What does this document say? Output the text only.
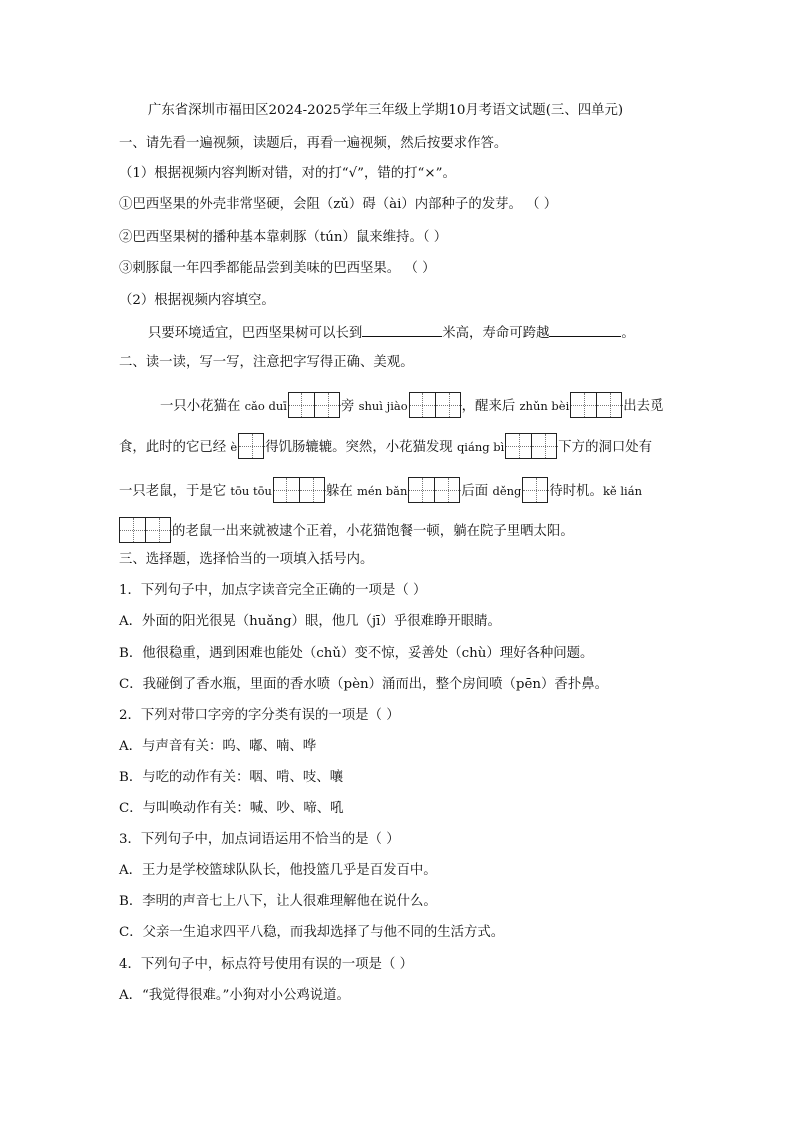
广东省深圳市福田区2024-2025学年三年级上学期10月考语文试题(三、四单元)
一、请先看一遍视频，读题后，再看一遍视频，然后按要求作答。
（1）根据视频内容判断对错，对的打“√”，错的打“×”。
①巴西坚果的外壳非常坚硬，会阻（zǔ）碍（ài）内部种子的发芽。 （ ）
②巴西坚果树的播种基本靠刺豚（tún）鼠来维持。（ ）
③刺豚鼠一年四季都能品尝到美味的巴西坚果。 （ ）
（2）根据视频内容填空。
只要环境适宜，巴西坚果树可以长到	米高，寿命可跨越	。
二、读一读，写一写，注意把字写得正确、美观。
一只小花猫在 cǎo duī	旁 shuì jiào	，醒来后 zhǔn bèi	出去觅
食，此时的它已经 è 得饥肠辘辘。突然，小花猫发现 qiáng bì	下方的洞口处有
一只老鼠，于是它 tōu tōu	躲在 mén bǎn	后面 děng 待时机。kě lián
的老鼠一出来就被逮个正着，小花猫饱餐一顿，躺在院子里晒太阳。
三、选择题，选择恰当的一项填入括号内。
1．下列句子中，加点字读音完全正确的一项是（ ）
A．外面的阳光很晃（huǎng）眼，他几（jī）乎很难睁开眼睛。
B．他很稳重，遇到困难也能处（chǔ）变不惊，妥善处（chù）理好各种问题。
C．我碰倒了香水瓶，里面的香水喷（pèn）涌而出，整个房间喷（pēn）香扑鼻。
2．下列对带口字旁的字分类有误的一项是（ ）
A．与声音有关：呜、嘟、喃、哗
B．与吃的动作有关：咽、啃、吱、嚷
C．与叫唤动作有关：喊、吵、啼、吼
3．下列句子中，加点词语运用不恰当的是（ ）
A．王力是学校篮球队队长，他投篮几乎是百发百中。
B．李明的声音七上八下，让人很难理解他在说什么。
C．父亲一生追求四平八稳，而我却选择了与他不同的生活方式。
4．下列句子中，标点符号使用有误的一项是（ ）
A．“我觉得很难。”小狗对小公鸡说道。
